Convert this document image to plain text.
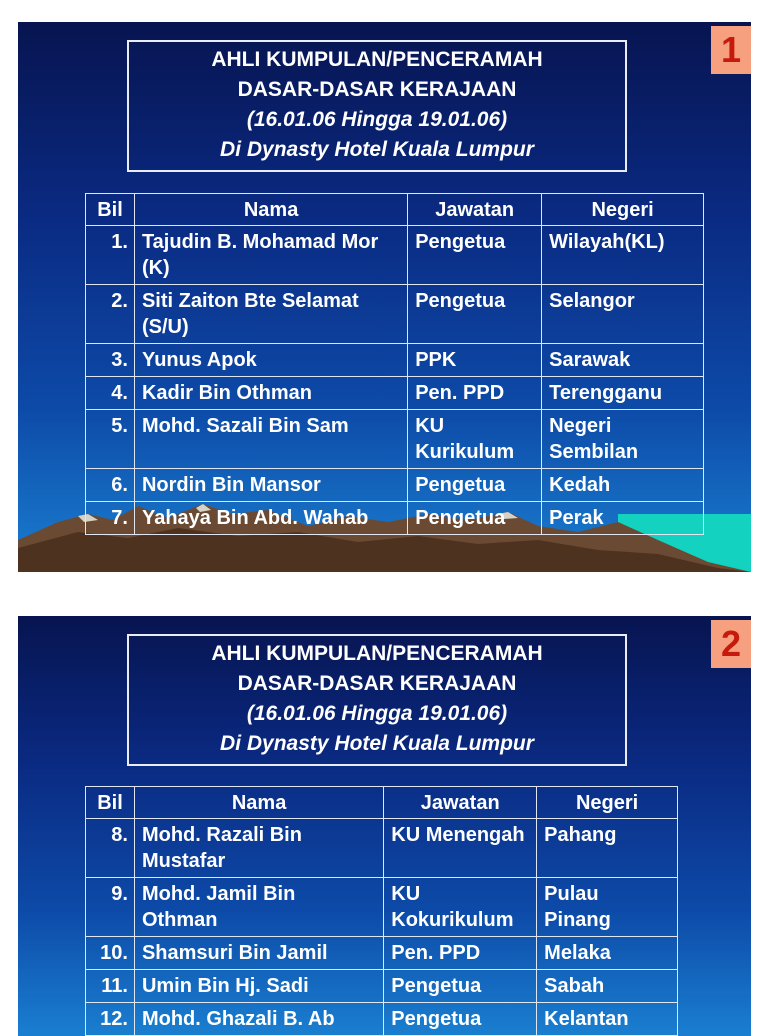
1
AHLI KUMPULAN/PENCERAMAH
DASAR-DASAR KERAJAAN
(16.01.06 Hingga 19.01.06)
Di Dynasty Hotel Kuala Lumpur
Bil	Nama	Jawatan	Negeri
1.	Tajudin B. Mohamad Mor (K)	Pengetua	Wilayah(KL)
2.	Siti Zaiton Bte Selamat (S/U)	Pengetua	Selangor
3.	Yunus Apok	PPK	Sarawak
4.	Kadir Bin Othman	Pen. PPD	Terengganu
5.	Mohd. Sazali Bin Sam	KU Kurikulum	Negeri Sembilan
6.	Nordin Bin Mansor	Pengetua	Kedah
7.	Yahaya Bin Abd. Wahab	Pengetua	Perak
2
AHLI KUMPULAN/PENCERAMAH
DASAR-DASAR KERAJAAN
(16.01.06 Hingga 19.01.06)
Di Dynasty Hotel Kuala Lumpur
Bil	Nama	Jawatan	Negeri
8.	Mohd. Razali Bin Mustafar	KU Menengah	Pahang
9.	Mohd. Jamil Bin Othman	KU Kokurikulum	Pulau Pinang
10.	Shamsuri Bin Jamil	Pen. PPD	Melaka
11.	Umin Bin Hj. Sadi	Pengetua	Sabah
12.	Mohd. Ghazali B. Ab	Pengetua	Kelantan
